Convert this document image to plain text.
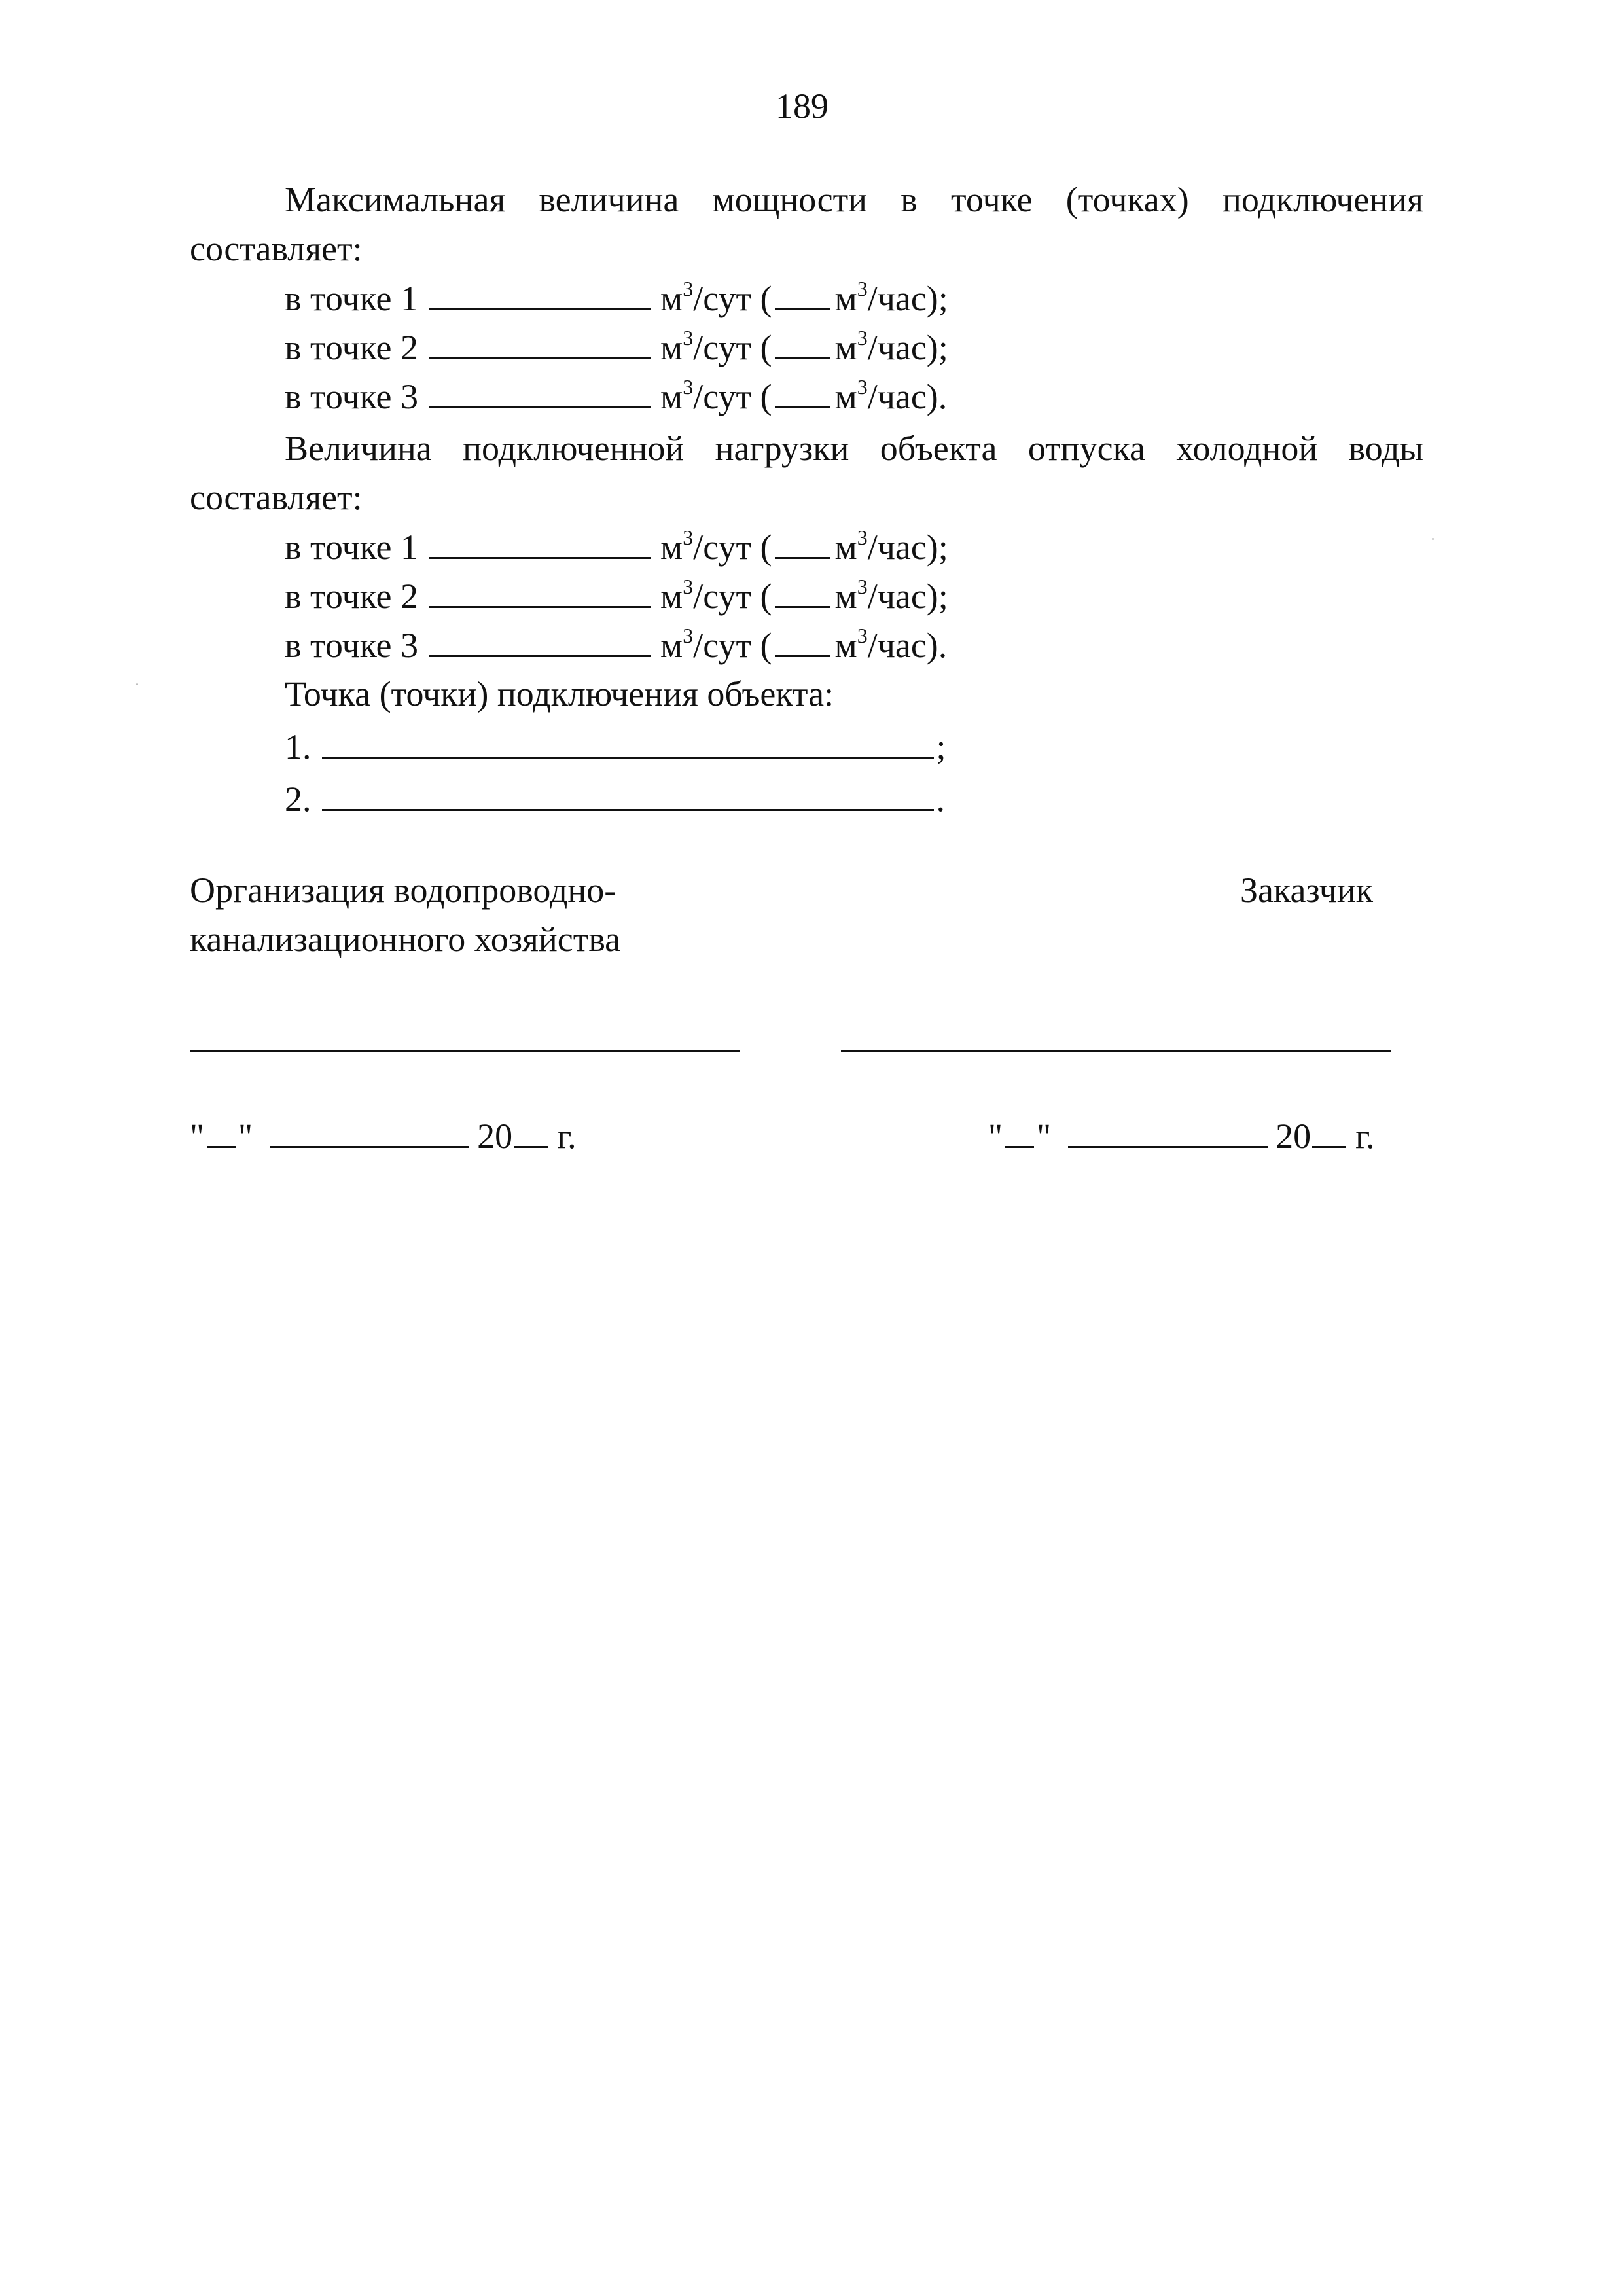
189
Максимальная величина мощности в точке (точках) подключения
составляет:
в точке 1	$м^3$/сут ( $м^3/час$);
в точке 2	$м^3$/сут ( $м^3/час$);
в точке 3	$м^3$/сут ( $м^3/час$).
Величина подключенной нагрузки объекта отпуска холодной воды
составляет:
в точке 1	$м^3$/сут ( $м^3/час$);
в точке 2	$м^3$/сут ( $м^3/час$);
в точке 3	$м^3$/сут ( $м^3/час$).
Точка (точки) подключения объекта:
1.	;
2.	.
Организация водопроводно-
канализационного хозяйства
Заказчик
" "	20 г.	" "	20 г.
